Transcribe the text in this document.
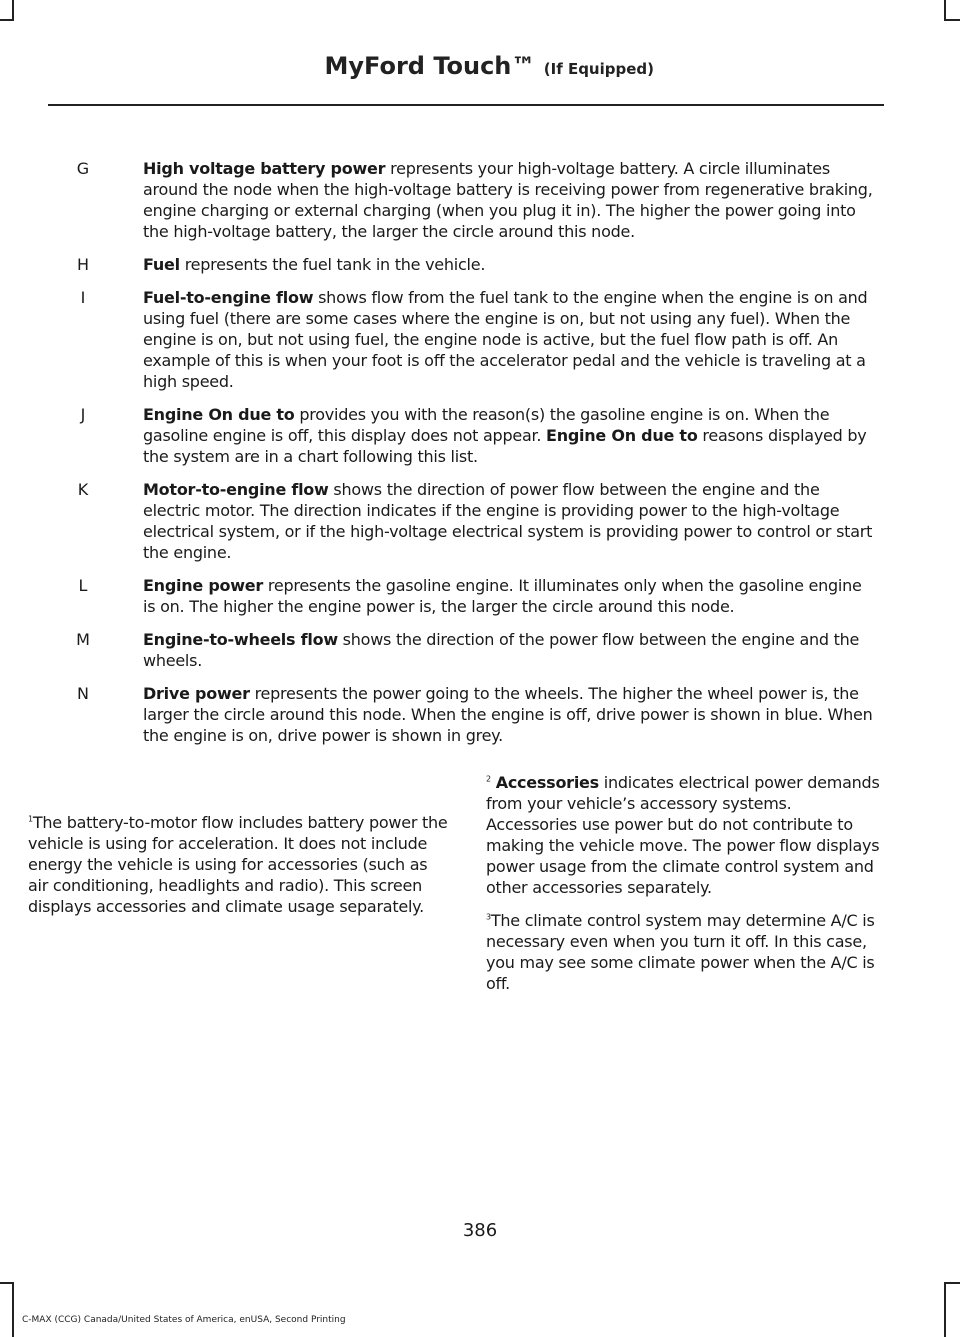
MyFord Touch™ (If Equipped)
G	High voltage battery power represents your high-voltage battery. A circle illuminates around the node when the high-voltage battery is receiving power from regenerative braking, engine charging or external charging (when you plug it in). The higher the power going into the high-voltage battery, the larger the circle around this node.
H	Fuel represents the fuel tank in the vehicle.
I	Fuel-to-engine flow shows flow from the fuel tank to the engine when the engine is on and using fuel (there are some cases where the engine is on, but not using any fuel). When the engine is on, but not using fuel, the engine node is active, but the fuel flow path is off. An example of this is when your foot is off the accelerator pedal and the vehicle is traveling at a high speed.
J	Engine On due to provides you with the reason(s) the gasoline engine is on. When the gasoline engine is off, this display does not appear. Engine On due to reasons displayed by the system are in a chart following this list.
K	Motor-to-engine flow shows the direction of power flow between the engine and the electric motor. The direction indicates if the engine is providing power to the high-voltage electrical system, or if the high-voltage electrical system is providing power to control or start the engine.
L	Engine power represents the gasoline engine. It illuminates only when the gasoline engine is on. The higher the engine power is, the larger the circle around this node.
M	Engine-to-wheels flow shows the direction of the power flow between the engine and the wheels.
N	Drive power represents the power going to the wheels. The higher the wheel power is, the larger the circle around this node. When the engine is off, drive power is shown in blue. When the engine is on, drive power is shown in grey.

$^1$The battery-to-motor flow includes battery power the vehicle is using for acceleration. It does not include energy the vehicle is using for accessories (such as air conditioning, headlights and radio). This screen displays accessories and climate usage separately.

$^2$ Accessories indicates electrical power demands from your vehicle’s accessory systems. Accessories use power but do not contribute to making the vehicle move. The power flow displays power usage from the climate control system and other accessories separately.

$^3$The climate control system may determine A/C is necessary even when you turn it off. In this case, you may see some climate power when the A/C is off.

386
C-MAX (CCG) Canada/United States of America, enUSA, Second Printing
